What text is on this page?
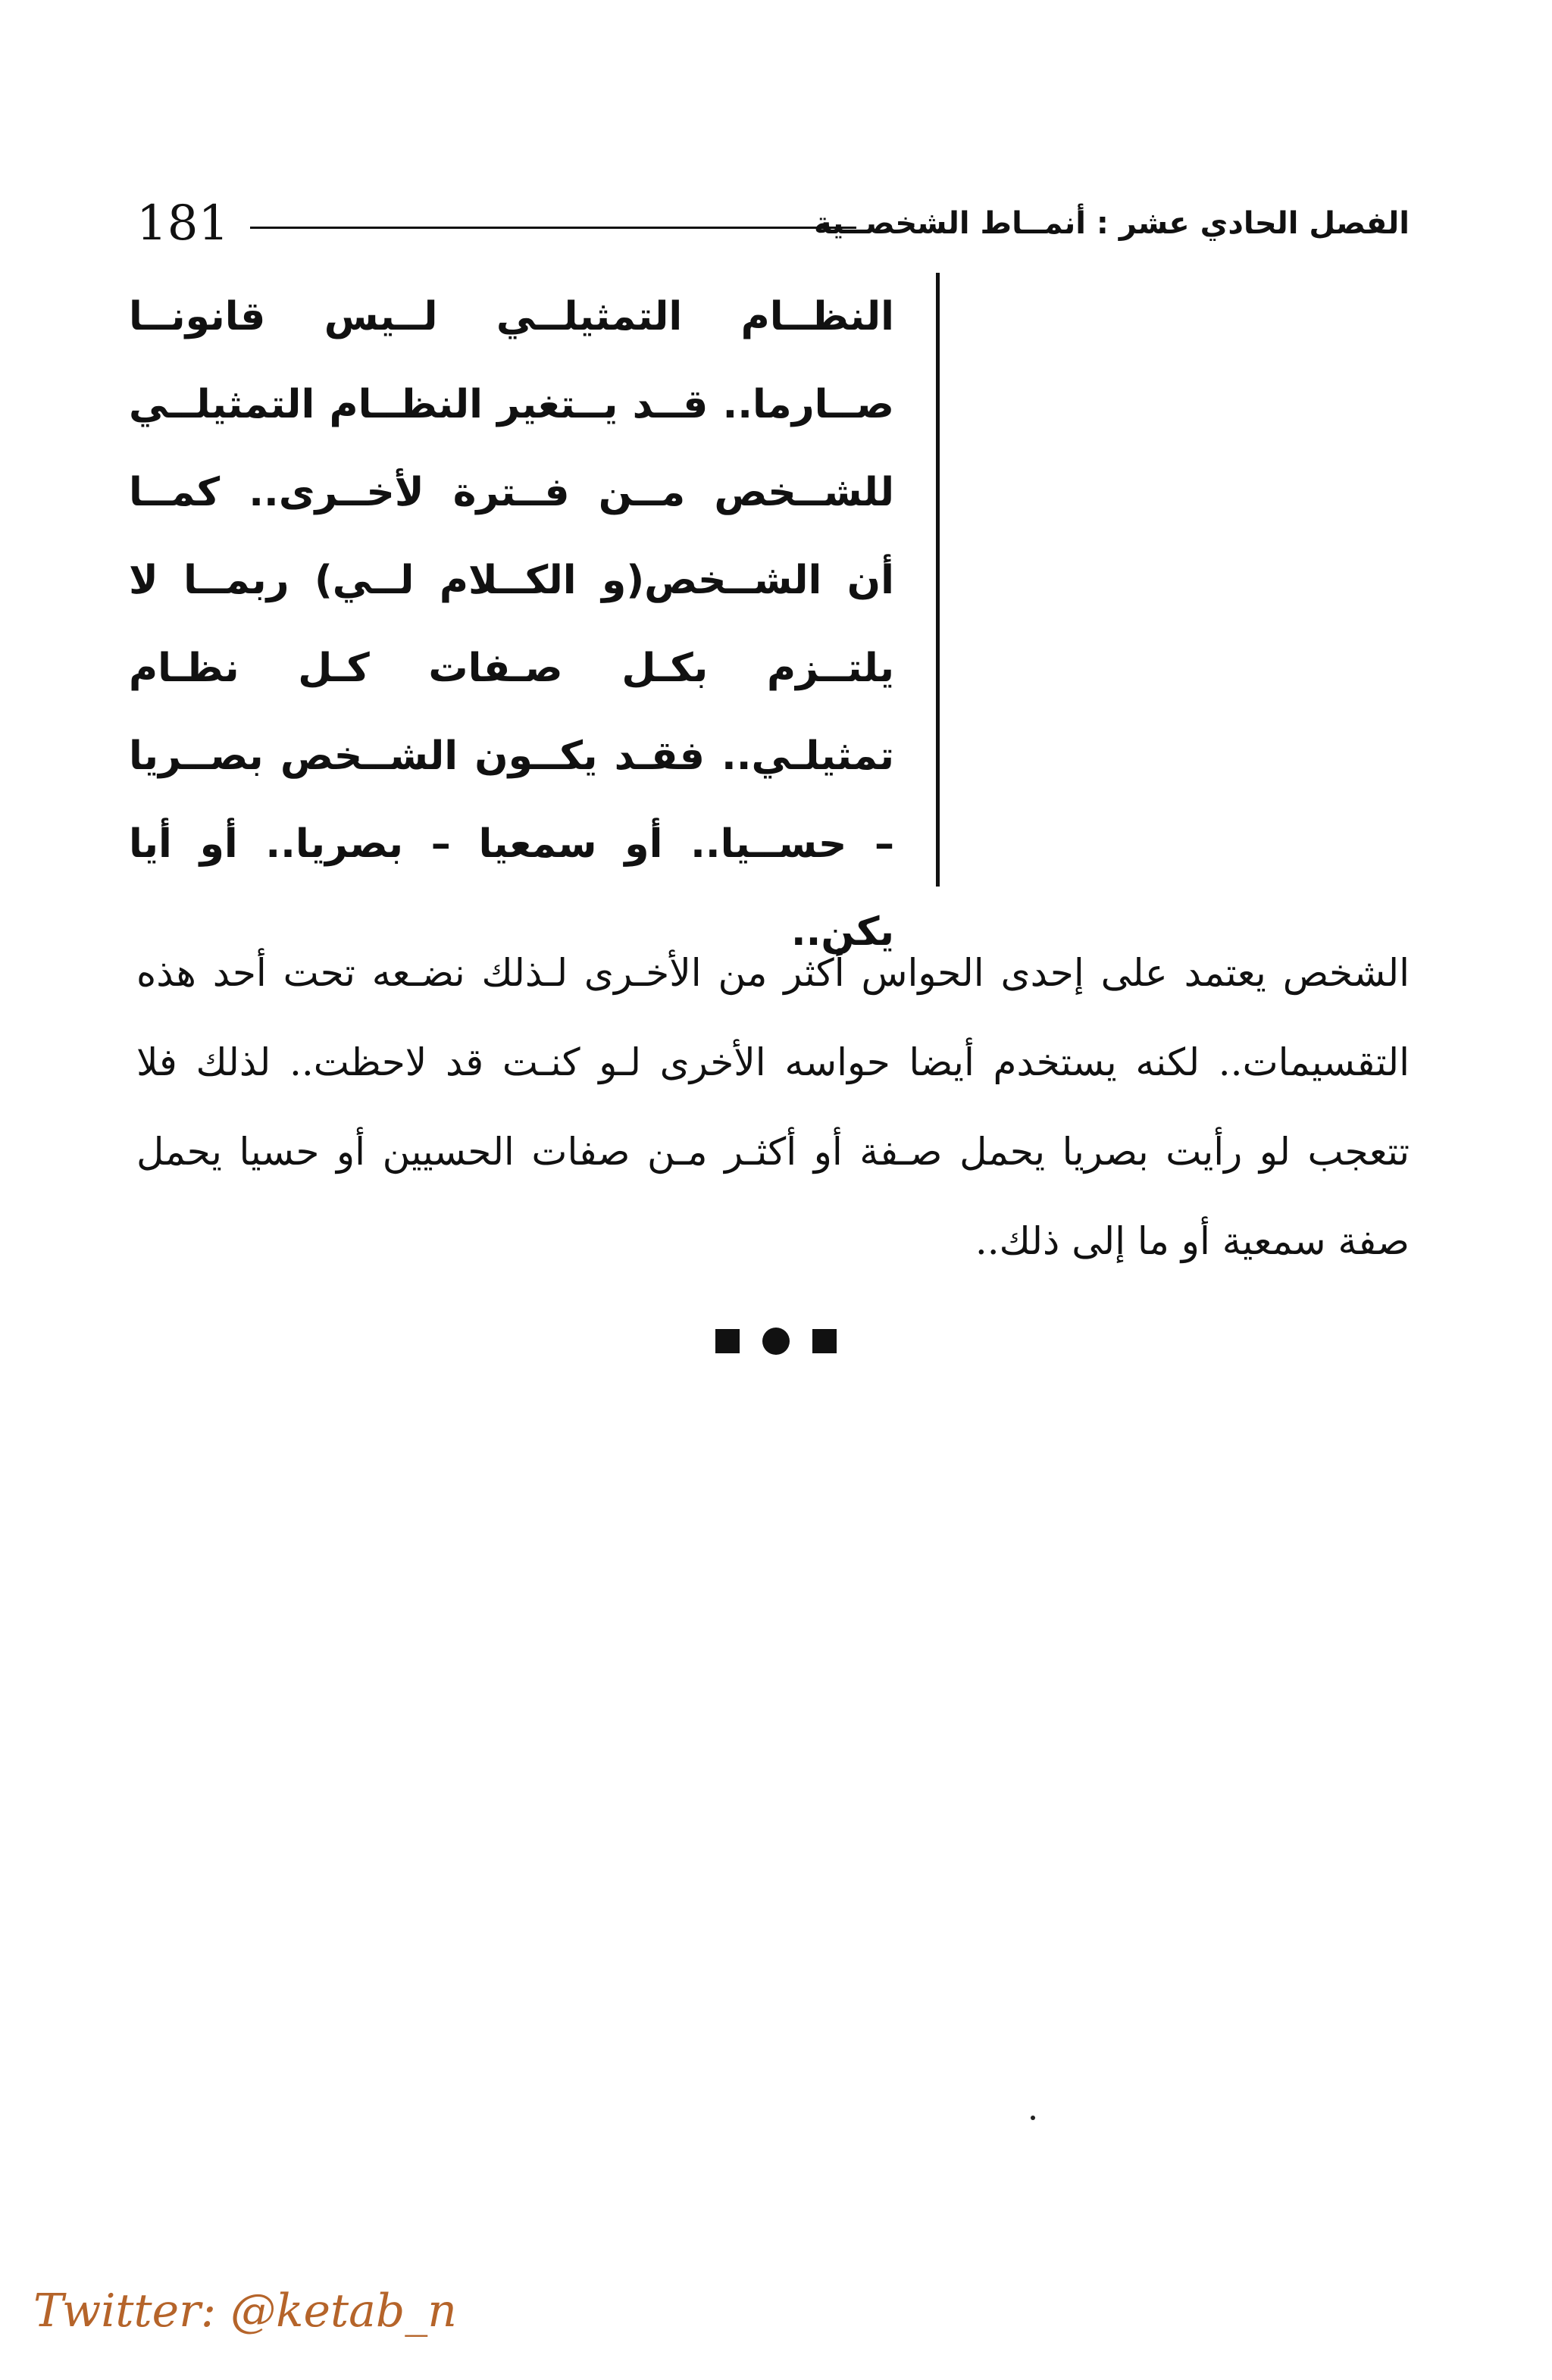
181	الفصل الحادي عشر : أنمــاط الشخصــية

النظــام التمثيلــي لــيس قانونــا صــارما.. قــد يــتغير النظــام التمثيلــي للشــخص مــن فــترة لأخــرى.. كمــا أن الشــخص(و الكــلام لــي) ربمــا لا يلتــزم بكـل صـفات كـل نظـام تمثيلـي.. فقـد يكــون الشــخص بصــريا – حســيا.. أو سمعيا – بصريا.. أو أيا يكن..

الشخص يعتمد على إحدى الحواس أكثر من الأخـرى لـذلك نضـعه تحت أحد هذه التقسيمات.. لكنه يستخدم أيضا حواسه الأخرى لـو كنـت قد لاحظت.. لذلك فلا تتعجب لو رأيت بصريا يحمل صـفة أو أكثـر مـن صفات الحسيين أو حسيا يحمل صفة سمعية أو ما إلى ذلك..

Twitter: @ketab_n
